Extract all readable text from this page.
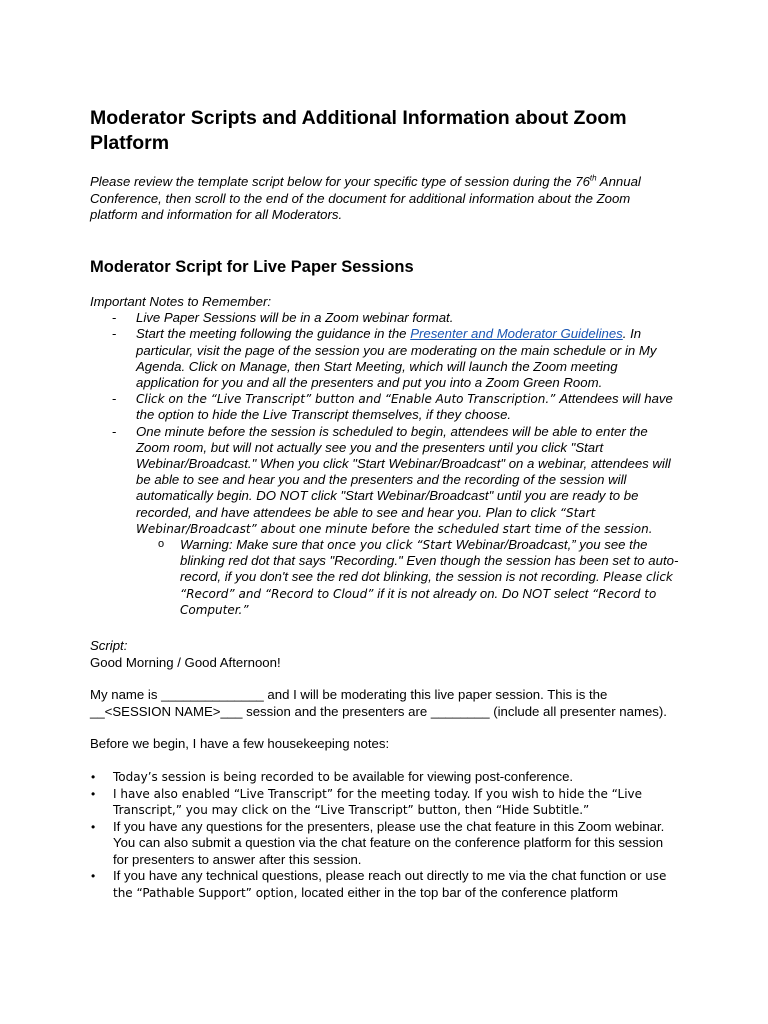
Moderator Scripts and Additional Information about Zoom Platform
Please review the template script below for your specific type of session during the 76th Annual Conference, then scroll to the end of the document for additional information about the Zoom platform and information for all Moderators.
Moderator Script for Live Paper Sessions
Important Notes to Remember:
- Live Paper Sessions will be in a Zoom webinar format.
- Start the meeting following the guidance in the Presenter and Moderator Guidelines. In particular, visit the page of the session you are moderating on the main schedule or in My Agenda. Click on Manage, then Start Meeting, which will launch the Zoom meeting application for you and all the presenters and put you into a Zoom Green Room.
- Click on the “Live Transcript” button and “Enable Auto Transcription.” Attendees will have the option to hide the Live Transcript themselves, if they choose.
- One minute before the session is scheduled to begin, attendees will be able to enter the Zoom room, but will not actually see you and the presenters until you click "Start Webinar/Broadcast." When you click "Start Webinar/Broadcast" on a webinar, attendees will be able to see and hear you and the presenters and the recording of the session will automatically begin. DO NOT click "Start Webinar/Broadcast" until you are ready to be recorded, and have attendees be able to see and hear you. Plan to click “Start Webinar/Broadcast” about one minute before the scheduled start time of the session.
o Warning: Make sure that once you click “Start Webinar/Broadcast,” you see the blinking red dot that says "Recording." Even though the session has been set to auto-record, if you don't see the red dot blinking, the session is not recording. Please click “Record” and “Record to Cloud” if it is not already on. Do NOT select “Record to Computer.”

Script:

Good Morning / Good Afternoon!

My name is ______________ and I will be moderating this live paper session. This is the __<SESSION NAME>___ session and the presenters are ________ (include all presenter names).

Before we begin, I have a few housekeeping notes:

• Today’s session is being recorded to be available for viewing post-conference.
• I have also enabled “Live Transcript” for the meeting today. If you wish to hide the “Live Transcript,” you may click on the “Live Transcript” button, then “Hide Subtitle.”
• If you have any questions for the presenters, please use the chat feature in this Zoom webinar. You can also submit a question via the chat feature on the conference platform for this session for presenters to answer after this session.
• If you have any technical questions, please reach out directly to me via the chat function or use the “Pathable Support” option, located either in the top bar of the conference platform
